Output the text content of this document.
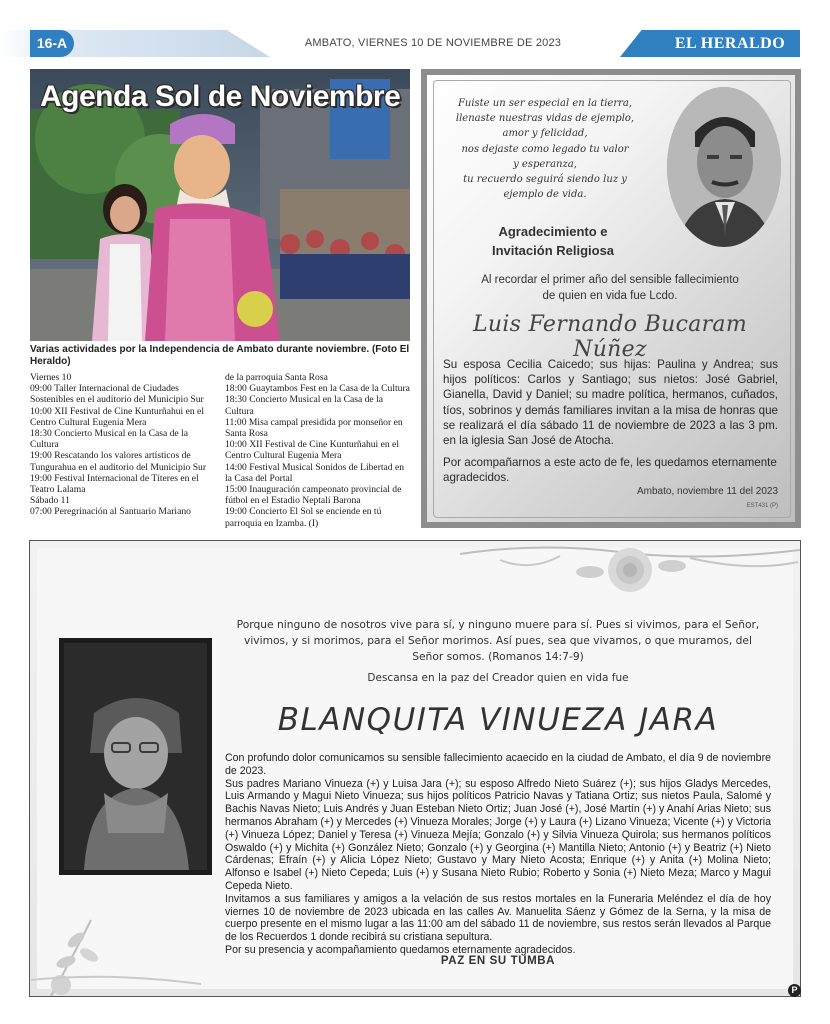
16-A	AMBATO, VIERNES 10 DE NOVIEMBRE DE 2023	EL HERALDO
Agenda Sol de Noviembre
Varias actividades por la Independencia de Ambato durante noviembre. (Foto El Heraldo)
Viernes 10
09:00 Taller Internacional de Ciudades Sostenibles en el auditorio del Municipio Sur
10:00 XII Festival de Cine Kunturñahui en el Centro Cultural Eugenia Mera
18:30 Concierto Musical en la Casa de la Cultura
19:00 Rescatando los valores artísticos de Tungurahua en el auditorio del Municipio Sur
19:00 Festival Internacional de Títeres en el Teatro Lalama
Sábado 11
07:00 Peregrinación al Santuario Mariano
de la parroquia Santa Rosa
18:00 Guaytambos Fest en la Casa de la Cultura
18:30 Concierto Musical en la Casa de la Cultura
11:00 Misa campal presidida por monseñor en Santa Rosa
10:00 XII Festival de Cine Kunturñahui en el Centro Cultural Eugenia Mera
14:00 Festival Musical Sonidos de Libertad en la Casa del Portal
15:00 Inauguración campeonato provincial de fútbol en el Estadio Neptalí Barona
19:00 Concierto El Sol se enciende en tú parroquia en Izamba. (I)
Fuiste un ser especial en la tierra,
llenaste nuestras vidas de ejemplo,
amor y felicidad,
nos dejaste como legado tu valor
y esperanza,
tu recuerdo seguirá siendo luz y
ejemplo de vida.
Agradecimiento e
Invitación Religiosa
Al recordar el primer año del sensible fallecimiento
de quien en vida fue Lcdo.
Luis Fernando Bucaram Núñez
Su esposa Cecilia Caicedo; sus hijas: Paulina y Andrea; sus hijos políticos: Carlos y Santiago; sus nietos: José Gabriel, Gianella, David y Daniel; su madre política, hermanos, cuñados, tíos, sobrinos y demás familiares invitan a la misa de honras que se realizará el día sábado 11 de noviembre de 2023 a las 3 pm. en la iglesia San José de Atocha.
Por acompañarnos a este acto de fe, les quedamos eternamente agradecidos.
Ambato, noviembre 11 del 2023
EST431 (P)
Porque ninguno de nosotros vive para sí, y ninguno muere para sí. Pues si vivimos, para el Señor, vivimos, y si morimos, para el Señor morimos. Así pues, sea que vivamos, o que muramos, del Señor somos. (Romanos 14:7-9)
Descansa en la paz del Creador quien en vida fue
BLANQUITA VINUEZA JARA

Con profundo dolor comunicamos su sensible fallecimiento acaecido en la ciudad de Ambato, el día 9 de noviembre de 2023.

Sus padres Mariano Vinueza (+) y Luisa Jara (+); su esposo Alfredo Nieto Suárez (+); sus hijos Gladys Mercedes, Luis Armando y Magui Nieto Vinueza; sus hijos políticos Patricio Navas y Tatiana Ortiz; sus nietos Paula, Salomé y Bachis Navas Nieto; Luis Andrés y Juan Esteban Nieto Ortiz; Juan José (+), José Martín (+) y Anahí Arias Nieto; sus hermanos Abraham (+) y Mercedes (+) Vinueza Morales; Jorge (+) y Laura (+) Lizano Vinueza; Vicente (+) y Victoria (+) Vinueza López; Daniel y Teresa (+) Vinueza Mejía; Gonzalo (+) y Silvia Vinueza Quirola; sus hermanos políticos Oswaldo (+) y Michita (+) González Nieto; Gonzalo (+) y Georgina (+) Mantilla Nieto; Antonio (+) y Beatriz (+) Nieto Cárdenas; Efraín (+) y Alicia López Nieto; Gustavo y Mary Nieto Acosta; Enrique (+) y Anita (+) Molina Nieto; Alfonso e Isabel (+) Nieto Cepeda; Luis (+) y Susana Nieto Rubio; Roberto y Sonia (+) Nieto Meza; Marco y Magui Cepeda Nieto.

Invitamos a sus familiares y amigos a la velación de sus restos mortales en la Funeraria Meléndez el día de hoy viernes 10 de noviembre de 2023 ubicada en las calles Av. Manuelita Sáenz y Gómez de la Serna, y la misa de cuerpo presente en el mismo lugar a las 11:00 am del sábado 11 de noviembre, sus restos serán llevados al Parque de los Recuerdos 1 donde recibirá su cristiana sepultura.

Por su presencia y acompañamiento quedamos eternamente agradecidos.

PAZ EN SU TUMBA
P
